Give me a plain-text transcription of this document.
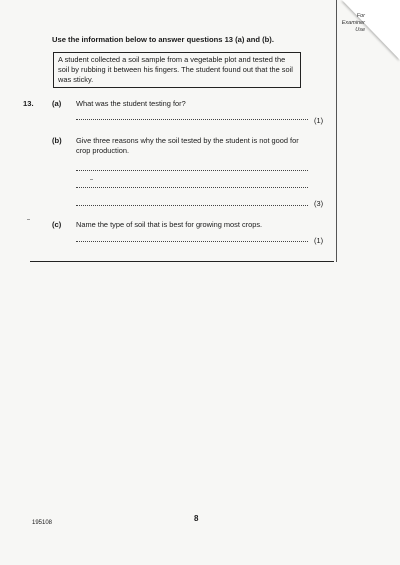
For
Examiner
Use
Use the information below to answer questions 13 (a) and (b).
A student collected a soil sample from a vegetable plot and tested the soil by rubbing it between his fingers. The student found out that the soil was sticky.
13. (a) What was the student testing for?
(1)
(b) Give three reasons why the soil tested by the student is not good for crop production.
(3)
(c) Name the type of soil that is best for growing most crops.
(1)
8
195108
